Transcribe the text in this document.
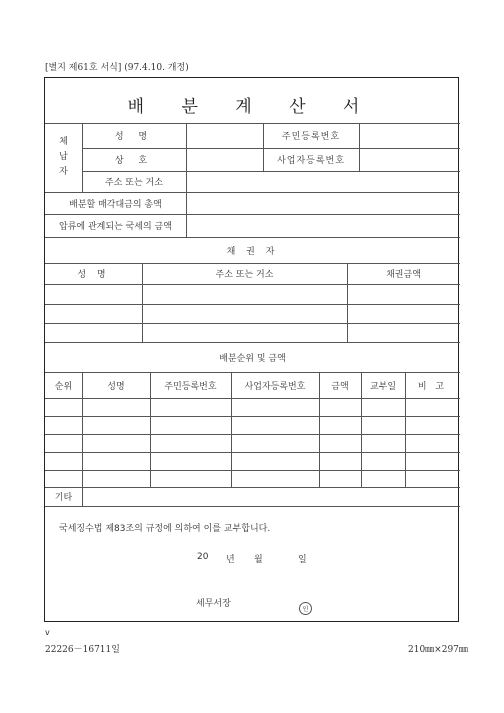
[별지 제61호 서식] (97.4.10. 개정)
배 분 계 산 서
체
납
자
성 명	주민등록번호
상 호	사업자등록번호
주소 또는 거소
배분할 매각대금의 총액
압류에 관계되는 국세의 금액
채 권 자
성 명	주소 또는 거소	채권금액
배분순위 및 금액
순위	성명	주민등록번호	사업자등록번호	금액	교부일	비 고
기타
국세징수법 제83조의 규정에 의하여 이를 교부합니다.
20 년 월	일
세무서장
인
v
22226－16711일	210㎜×297㎜
